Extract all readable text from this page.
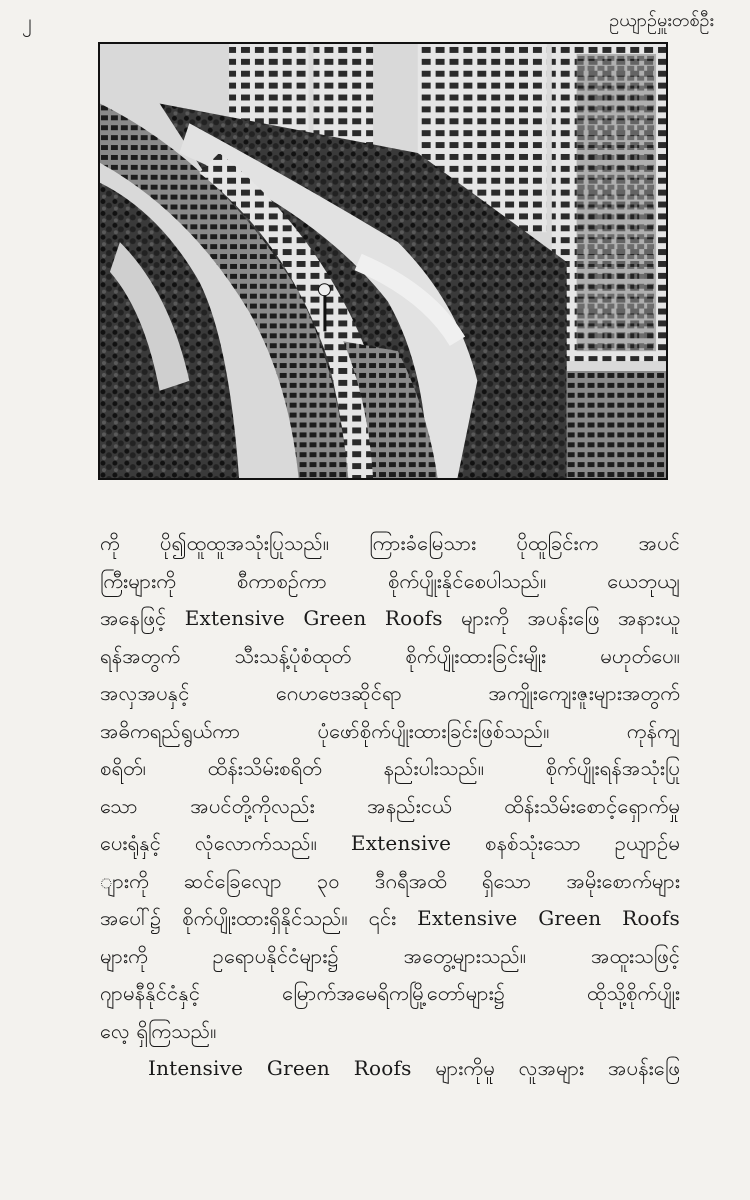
၂	ဥယျာဉ်မှူးတစ်ဦး
ကို ပို၍ထူထူအသုံးပြုသည်။ ကြားခံမြေသား ပိုထူခြင်းက အပင်
ကြီးများကို စီကာစဉ်ကာ စိုက်ပျိုးနိုင်စေပါသည်။ ယေဘုယျ
အနေဖြင့် Extensive Green Roofs များကို အပန်းဖြေ အနားယူ
ရန်အတွက် သီးသန့်ပုံစံထုတ် စိုက်ပျိုးထားခြင်းမျိုး မဟုတ်ပေ။
အလှအပနှင့် ဂေဟဗေဒဆိုင်ရာ အကျိုးကျေးဇူးများအတွက်
အဓိကရည်ရွယ်ကာ ပုံဖော်စိုက်ပျိုးထားခြင်းဖြစ်သည်။ ကုန်ကျ
စရိတ်၊ ထိန်းသိမ်းစရိတ် နည်းပါးသည်။ စိုက်ပျိုးရန်အသုံးပြု
သော အပင်တို့ကိုလည်း အနည်းငယ် ထိန်းသိမ်းစောင့်ရှောက်မှု
ပေးရုံနှင့် လုံလောက်သည်။ Extensive စနစ်သုံးသော ဥယျာဉ်မ
ျားကို ဆင်ခြေလျော ၃၀ ဒီဂရီအထိ ရှိသော အမိုးစောက်များ
အပေါ်၌ စိုက်ပျိုးထားရှိနိုင်သည်။ ၎င်း Extensive Green Roofs
များကို ဥရောပနိုင်ငံများ၌ အတွေ့များသည်။ အထူးသဖြင့်
ဂျာမနီနိုင်ငံနှင့် မြောက်အမေရိကမြို့တော်များ၌ ထိုသို့စိုက်ပျိုး
လေ့ ရှိကြသည်။
Intensive Green Roofs များကိုမူ လူအများ အပန်းဖြေ
